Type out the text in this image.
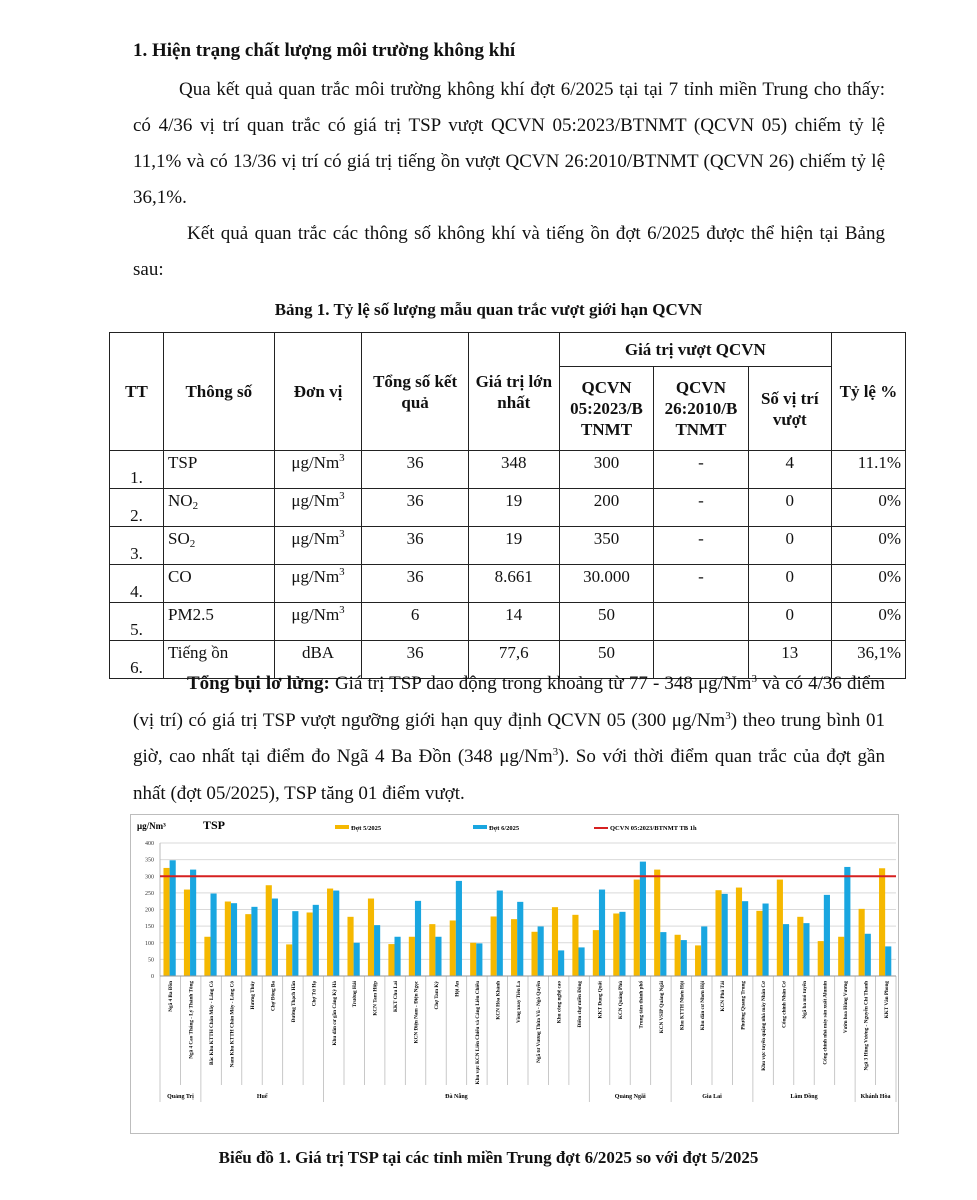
1. Hiện trạng chất lượng môi trường không khí

Qua kết quả quan trắc môi trường không khí đợt 6/2025 tại tại 7 tỉnh miền Trung cho thấy: có 4/36 vị trí quan trắc có giá trị TSP vượt QCVN 05:2023/BTNMT (QCVN 05) chiếm tỷ lệ 11,1% và có 13/36 vị trí có giá trị tiếng ồn vượt QCVN 26:2010/BTNMT (QCVN 26) chiếm tỷ lệ 36,1%.

Kết quả quan trắc các thông số không khí và tiếng ồn đợt 6/2025 được thể hiện tại Bảng sau:

Bảng 1. Tỷ lệ số lượng mẫu quan trắc vượt giới hạn QCVN
TT	Thông số	Đơn vị	Tổng số kết quả	Giá trị lớn nhất	Giá trị vượt QCVN			Tỷ lệ %
					QCVN 05:2023/B TNMT	QCVN 26:2010/B TNMT	Số vị trí vượt	
1.	TSP	μg/Nm$^3$	36	348	300	-	4	11.1%
2.	$NO_2$	μg/Nm$^3$	36	19	200	-	0	0%
3.	$SO_2$	μg/Nm$^3$	36	19	350	-	0	0%
4.	CO	μg/Nm$^3$	36	8.661	30.000	-	0	0%
5.	PM2.5	μg/Nm$^3$	6	14	50		0	0%
6.	Tiếng ồn	dBA	36	77,6	50		13	36,1%

Tổng bụi lơ lửng: Giá trị TSP dao động trong khoảng từ 77 - 348 μg/Nm$^3$ và có 4/36 điểm (vị trí) có giá trị TSP vượt ngưỡng giới hạn quy định QCVN 05 (300 μg/Nm$^3$) theo trung bình 01 giờ, cao nhất tại điểm đo Ngã 4 Ba Đồn (348 μg/Nm$^3$). So với thời điểm quan trắc của đợt gần nhất (đợt 05/2025), TSP tăng 01 điểm vượt.

μg/Nm³	TSP	Đợt 5/2025	Đợt 6/2025	QCVN 05:2023/BTNMT TB 1h
0
50
100
150
200
250
300
350
400
Ngã 4 Ba Đồn	Ngã 4 Cao Thắng - Lý Thánh Tông	Bắc Khu KTTH Chân Mây - Lăng Cô	Nam Khu KTTH Chân Mây - Lăng Cô	Hương Thủy	Chợ Đông Ba	Đường Thạch Hãn	Chợ Tứ Hạ	Khu dân cư gần Cảng Kỳ Hà	Trường Hải	KCN Tam Hiệp	KKT Chu Lai	KCN Điện Nam - Điện Ngọc	Chợ Tam Kỳ	Hội An	Khu vực KCN Liên Chiểu và Cảng Liên Chiểu	KCN Hòa Khánh	Vòng xoay Tiên La	Ngã tư Vương Thừa Vũ - Ngô Quyền	Khu công nghệ cao	Điểm chợ miền Đông	KKT Dung Quất	KCN Quảng Phú	Trung tâm thành phố	KCN VSIP Quảng Ngãi	Khu KTTH Nhơn Hội	Khu dân cư Nhơn Hội	KCN Phú Tài	Phường Quang Trung	Khu vực tuyển quặng nhà máy Nhân Cơ	Cổng chính Nhân Cơ	Ngã ba mỏ tuyển	Cổng chính nhà máy sản xuất Alumin	Vườn hoa Hùng Vương	Ngã 3 Hùng Vương - Nguyễn Chí Thanh	KKT Vân Phong
Quảng Trị	Huế	Đà Nẵng	Quảng Ngãi	Gia Lai	Lâm Đồng	Khánh Hòa
Biểu đồ 1. Giá trị TSP tại các tỉnh miền Trung đợt 6/2025 so với đợt 5/2025
